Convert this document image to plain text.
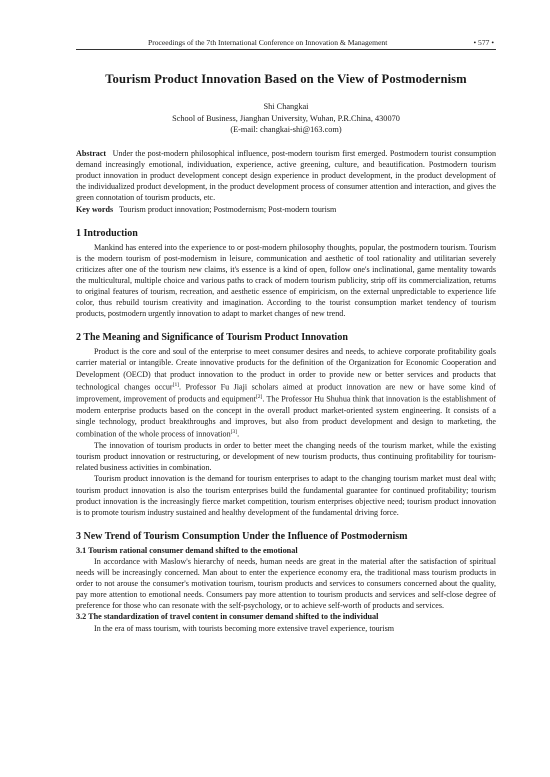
Proceedings of the 7th International Conference on Innovation & Management	• 577 •
Tourism Product Innovation Based on the View of Postmodernism
Shi Changkai
School of Business, Jianghan University, Wuhan, P.R.China, 430070
(E-mail: changkai-shi@163.com)
Abstract Under the post-modern philosophical influence, post-modern tourism first emerged. Postmodern tourist consumption demand increasingly emotional, individuation, experience, active greening, culture, and beautification. Postmodern tourism product innovation in product development concept design experience in product development, in the product development of the individualized product development, in the product development process of consumer attention and interaction, and gives the green connotation of tourism products, etc.
Key words Tourism product innovation; Postmodernism; Post-modern tourism
1 Introduction

Mankind has entered into the experience to or post-modern philosophy thoughts, popular, the postmodern tourism. Tourism is the modern tourism of post-modernism in leisure, communication and aesthetic of tool rationality and utilitarian severely criticizes after one of the tourism new claims, it's essence is a kind of open, follow one's inclinational, game mentality towards the multicultural, multiple choice and various paths to crack of modern tourism publicity, strip off its commercialization, returns to original features of tourism, recreation, and aesthetic essence of empiricism, on the external unpredictable to experience life color, thus rebuild tourism creativity and imagination. According to the tourist consumption market tendency of tourism products, postmodern urgently innovation to adapt to market changes of new trend.

2 The Meaning and Significance of Tourism Product Innovation

Product is the core and soul of the enterprise to meet consumer desires and needs, to achieve corporate profitability goals carrier material or intangible. Create innovative products for the definition of the Organization for Economic Cooperation and Development (OECD) that product innovation to the product in order to provide new or better services and products that technological changes occur[1]. Professor Fu Jiaji scholars aimed at product innovation are new or have some kind of improvement, improvement of products and equipment[2]. The Professor Hu Shuhua think that innovation is the establishment of modern enterprise products based on the concept in the overall product market-oriented system engineering. It consists of a single technology, product breakthroughs and improves, but also from product development and design to marketing, the combination of the whole process of innovation[3].

The innovation of tourism products in order to better meet the changing needs of the tourism market, while the existing tourism product innovation or restructuring, or development of new tourism products, thus continuing profitability for tourism-related business activities in combination.

Tourism product innovation is the demand for tourism enterprises to adapt to the changing tourism market must deal with; tourism product innovation is also the tourism enterprises build the fundamental guarantee for continued profitability; tourism product innovation is the increasingly fierce market competition, tourism enterprises objective need; tourism product innovation is to promote tourism industry sustained and healthy development of the fundamental driving force.

3 New Trend of Tourism Consumption Under the Influence of Postmodernism
3.1 Tourism rational consumer demand shifted to the emotional

In accordance with Maslow's hierarchy of needs, human needs are great in the material after the satisfaction of spiritual needs will be increasingly concerned. Man about to enter the experience economy era, the traditional mass tourism products in order to not arouse the consumer's motivation tourism, tourism products and services to consumers concerned about the quality, pay more attention to emotional needs. Consumers pay more attention to tourism products and services and self-close degree of preference for those who can resonate with the self-psychology, or to achieve self-worth of products and services.

3.2 The standardization of travel content in consumer demand shifted to the individual

In the era of mass tourism, with tourists becoming more extensive travel experience, tourism
